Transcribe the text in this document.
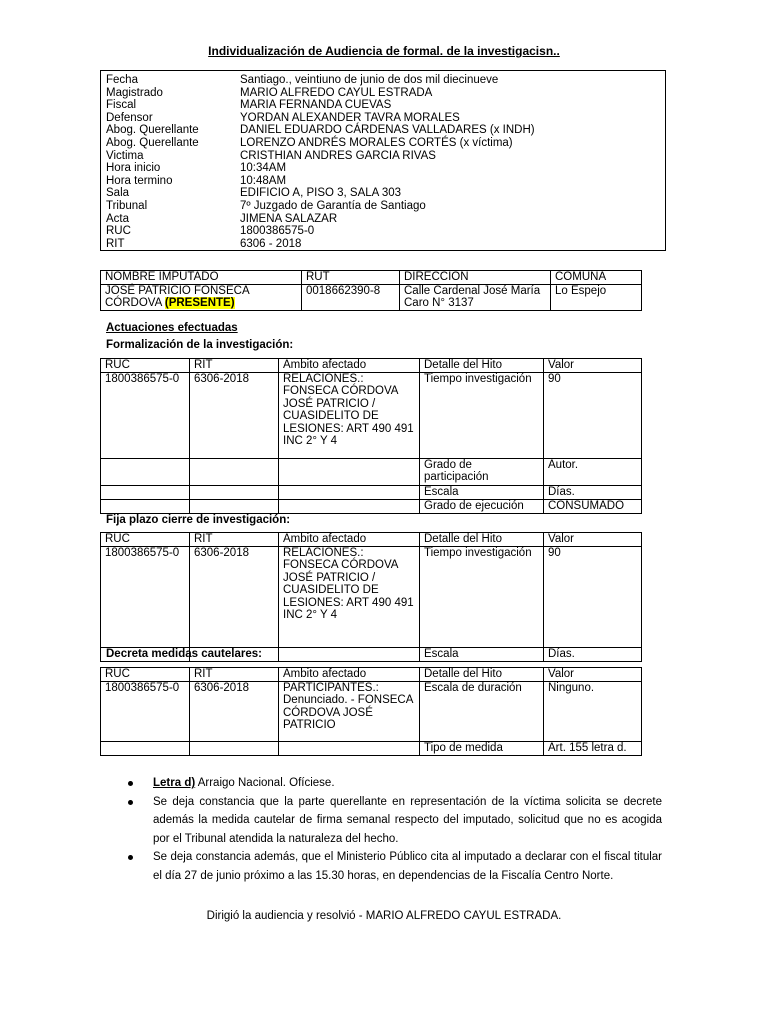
Individualización de Audiencia de formal. de la investigacisn..
Fecha	Santiago., veintiuno de junio de dos mil diecinueve
Magistrado	MARIO ALFREDO CAYUL ESTRADA
Fiscal	MARIA FERNANDA CUEVAS
Defensor	YORDAN ALEXANDER TAVRA MORALES
Abog. Querellante	DANIEL EDUARDO CÁRDENAS VALLADARES (x INDH)
Abog. Querellante	LORENZO ANDRÉS MORALES CORTÉS (x víctima)
Victima	CRISTHIAN ANDRES GARCIA RIVAS
Hora inicio	10:34AM
Hora termino	10:48AM
Sala	EDIFICIO A, PISO 3, SALA 303
Tribunal	7º Juzgado de Garantía de Santiago
Acta	JIMENA SALAZAR
RUC	1800386575-0
RIT	6306 - 2018
NOMBRE IMPUTADO	RUT	DIRECCION	COMUNA
JOSÉ PATRICIO FONSECA CÓRDOVA (PRESENTE)	0018662390-8	Calle Cardenal José María Caro N° 3137	Lo Espejo
Actuaciones efectuadas
Formalización de la investigación:
RUC	RIT	Ambito afectado	Detalle del Hito	Valor
1800386575-0	6306-2018	RELACIONES.: FONSECA CÓRDOVA JOSÉ PATRICIO / CUASIDELITO DE LESIONES: ART 490 491 INC 2° Y 4	Tiempo investigación	90
			Grado de participación	Autor.
			Escala	Días.
			Grado de ejecución	CONSUMADO
Fija plazo cierre de investigación:
RUC	RIT	Ambito afectado	Detalle del Hito	Valor
1800386575-0	6306-2018	RELACIONES.: FONSECA CÓRDOVA JOSÉ PATRICIO / CUASIDELITO DE LESIONES: ART 490 491 INC 2° Y 4	Tiempo investigación	90
			Escala	Días.
Decreta medidas cautelares:
RUC	RIT	Ambito afectado	Detalle del Hito	Valor
1800386575-0	6306-2018	PARTICIPANTES.: Denunciado. - FONSECA CÓRDOVA JOSÉ PATRICIO	Escala de duración	Ninguno.
			Tipo de medida	Art. 155 letra d.
Letra d) Arraigo Nacional. Ofíciese.
Se deja constancia que la parte querellante en representación de la víctima solicita se decrete además la medida cautelar de firma semanal respecto del imputado, solicitud que no es acogida por el Tribunal atendida la naturaleza del hecho.
Se deja constancia además, que el Ministerio Público cita al imputado a declarar con el fiscal titular el día 27 de junio próximo a las 15.30 horas, en dependencias de la Fiscalía Centro Norte.
Dirigió la audiencia y resolvió - MARIO ALFREDO CAYUL ESTRADA.
